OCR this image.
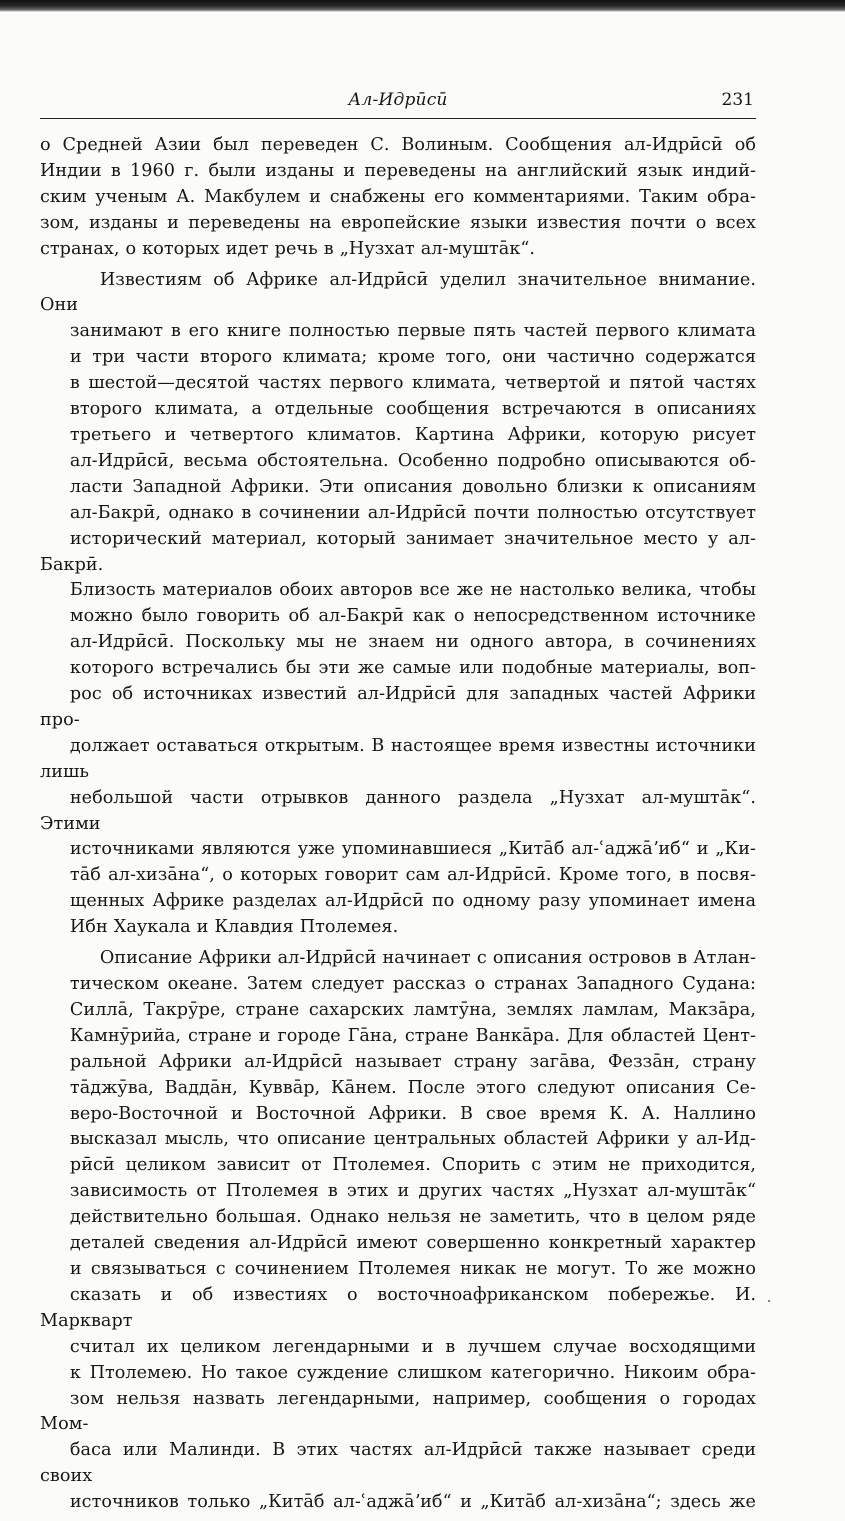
Ал-Идрӣсӣ	231
о Средней Азии был переведен С. Волиным. Сообщения ал-Идрӣсӣ об
Индии в 1960 г. были изданы и переведены на английский язык индий-
ским ученым А. Макбулем и снабжены его комментариями. Таким обра-
зом, изданы и переведены на европейские языки известия почти о всех
странах, о которых идет речь в „Нузхат ал-муштāк“.
Известиям об Африке ал-Идрӣсӣ уделил значительное внимание. Они
занимают в его книге полностью первые пять частей первого климата
и три части второго климата; кроме того, они частично содержатся
в шестой—десятой частях первого климата, четвертой и пятой частях
второго климата, а отдельные сообщения встречаются в описаниях
третьего и четвертого климатов. Картина Африки, которую рисует
ал-Идрӣсӣ, весьма обстоятельна. Особенно подробно описываются об-
ласти Западной Африки. Эти описания довольно близки к описаниям
ал-Бакрӣ, однако в сочинении ал-Идрӣсӣ почти полностью отсутствует
исторический материал, который занимает значительное место у ал-Бакрӣ.
Близость материалов обоих авторов все же не настолько велика, чтобы
можно было говорить об ал-Бакрӣ как о непосредственном источнике
ал-Идрӣсӣ. Поскольку мы не знаем ни одного автора, в сочинениях
которого встречались бы эти же самые или подобные материалы, воп-
рос об источниках известий ал-Идрӣсӣ для западных частей Африки про-
должает оставаться открытым. В настоящее время известны источники лишь
небольшой части отрывков данного раздела „Нузхат ал-муштāк“. Этими
источниками являются уже упоминавшиеся „Китāб ал-ʿаджāʼиб“ и „Ки-
тāб ал-хизāна“, о которых говорит сам ал-Идрӣсӣ. Кроме того, в посвя-
щенных Африке разделах ал-Идрӣсӣ по одному разу упоминает имена
Ибн Хаукала и Клавдия Птолемея.
Описание Африки ал-Идрӣсӣ начинает с описания островов в Атлан-
тическом океане. Затем следует рассказ о странах Западного Судана:
Силлā, Такрӯре, стране сахарских ламтӯна, землях ламлам, Макзāра,
Камнӯрийа, стране и городе Гāна, стране Ванкāра. Для областей Цент-
ральной Африки ал-Идрӣсӣ называет страну загāва, Феззāн, страну
тāджӯва, Ваддāн, Куввāр, Кāнем. После этого следуют описания Се-
веро-Восточной и Восточной Африки. В свое время К. А. Наллино
высказал мысль, что описание центральных областей Африки у ал-Ид-
рӣсӣ целиком зависит от Птолемея. Спорить с этим не приходится,
зависимость от Птолемея в этих и других частях „Нузхат ал-муштāк“
действительно большая. Однако нельзя не заметить, что в целом ряде
деталей сведения ал-Идрӣсӣ имеют совершенно конкретный характер
и связываться с сочинением Птолемея никак не могут. То же можно
сказать и об известиях о восточноафриканском побережье. И. Маркварт
считал их целиком легендарными и в лучшем случае восходящими
к Птолемею. Но такое суждение слишком категорично. Никоим обра-
зом нельзя назвать легендарными, например, сообщения о городах Мом-
баса или Малинди. В этих частях ал-Идрӣсӣ также называет среди своих
источников только „Китāб ал-ʿаджāʼиб“ и „Китāб ал-хизāна“; здесь же
